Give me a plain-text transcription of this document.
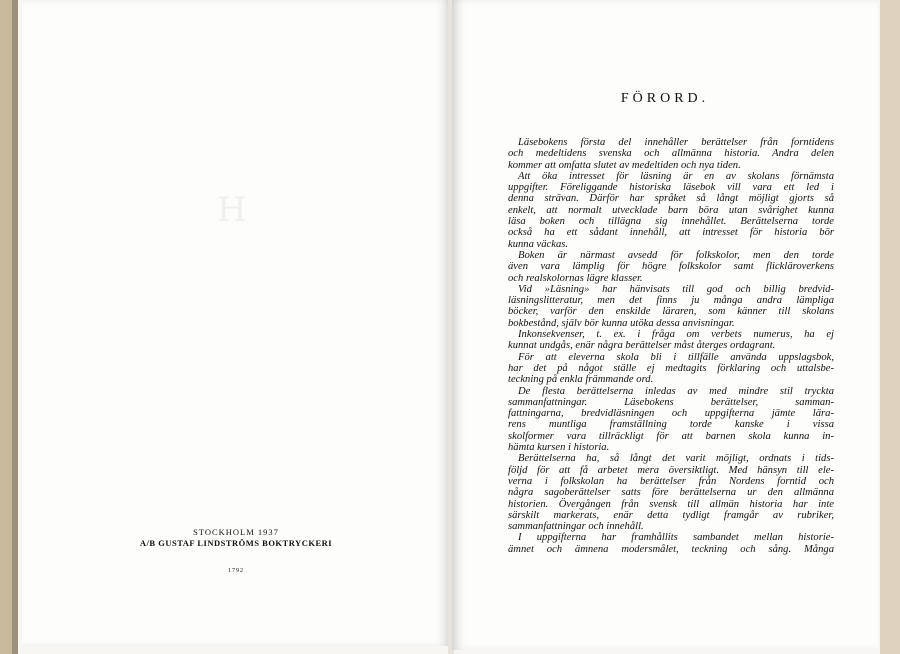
H
STOCKHOLM 1937
A/B GUSTAF LINDSTRÖMS BOKTRYCKERI
1792
FÖRORD.
Läsebokens första del innehåller berättelser från forntidens
och medeltidens svenska och allmänna historia. Andra delen
kommer att omfatta slutet av medeltiden och nya tiden.
Att öka intresset för läsning är en av skolans förnämsta
uppgifter. Föreliggande historiska läsebok vill vara ett led i
denna strävan. Därför har språket så långt möjligt gjorts så
enkelt, att normalt utvecklade barn böra utan svårighet kunna
läsa boken och tillägna sig innehållet. Berättelserna torde
också ha ett sådant innehåll, att intresset för historia bör
kunna väckas.
Boken är närmast avsedd för folkskolor, men den torde
även vara lämplig för högre folkskolor samt flickläroverkens
och realskolornas lägre klasser.
Vid »Läsning» har hänvisats till god och billig bredvid-
läsningslitteratur, men det finns ju många andra lämpliga
böcker, varför den enskilde läraren, som känner till skolans
bokbestånd, själv bör kunna utöka dessa anvisningar.
Inkonsekvenser, t. ex. i fråga om verbets numerus, ha ej
kunnat undgås, enär några berättelser måst återges ordagrant.
För att eleverna skola bli i tillfälle använda uppslagsbok,
har det på något ställe ej medtagits förklaring och uttalsbe-
teckning på enkla främmande ord.
De flesta berättelserna inledas av med mindre stil tryckta
sammanfattningar. Läsebokens berättelser, samman-
fattningarna, bredvidläsningen och uppgifterna jämte lära-
rens muntliga framställning torde kanske i vissa
skolformer vara tillräckligt för att barnen skola kunna in-
hämta kursen i historia.
Berättelserna ha, så långt det varit möjligt, ordnats i tids-
följd för att få arbetet mera översiktligt. Med hänsyn till ele-
verna i folkskolan ha berättelser från Nordens forntid och
några sagoberättelser satts före berättelserna ur den allmänna
historien. Övergången från svensk till allmän historia har inte
särskilt markerats, enär detta tydligt framgår av rubriker,
sammanfattningar och innehåll.
I uppgifterna har framhållits sambandet mellan historie-
ämnet och ämnena modersmålet, teckning och sång. Många
